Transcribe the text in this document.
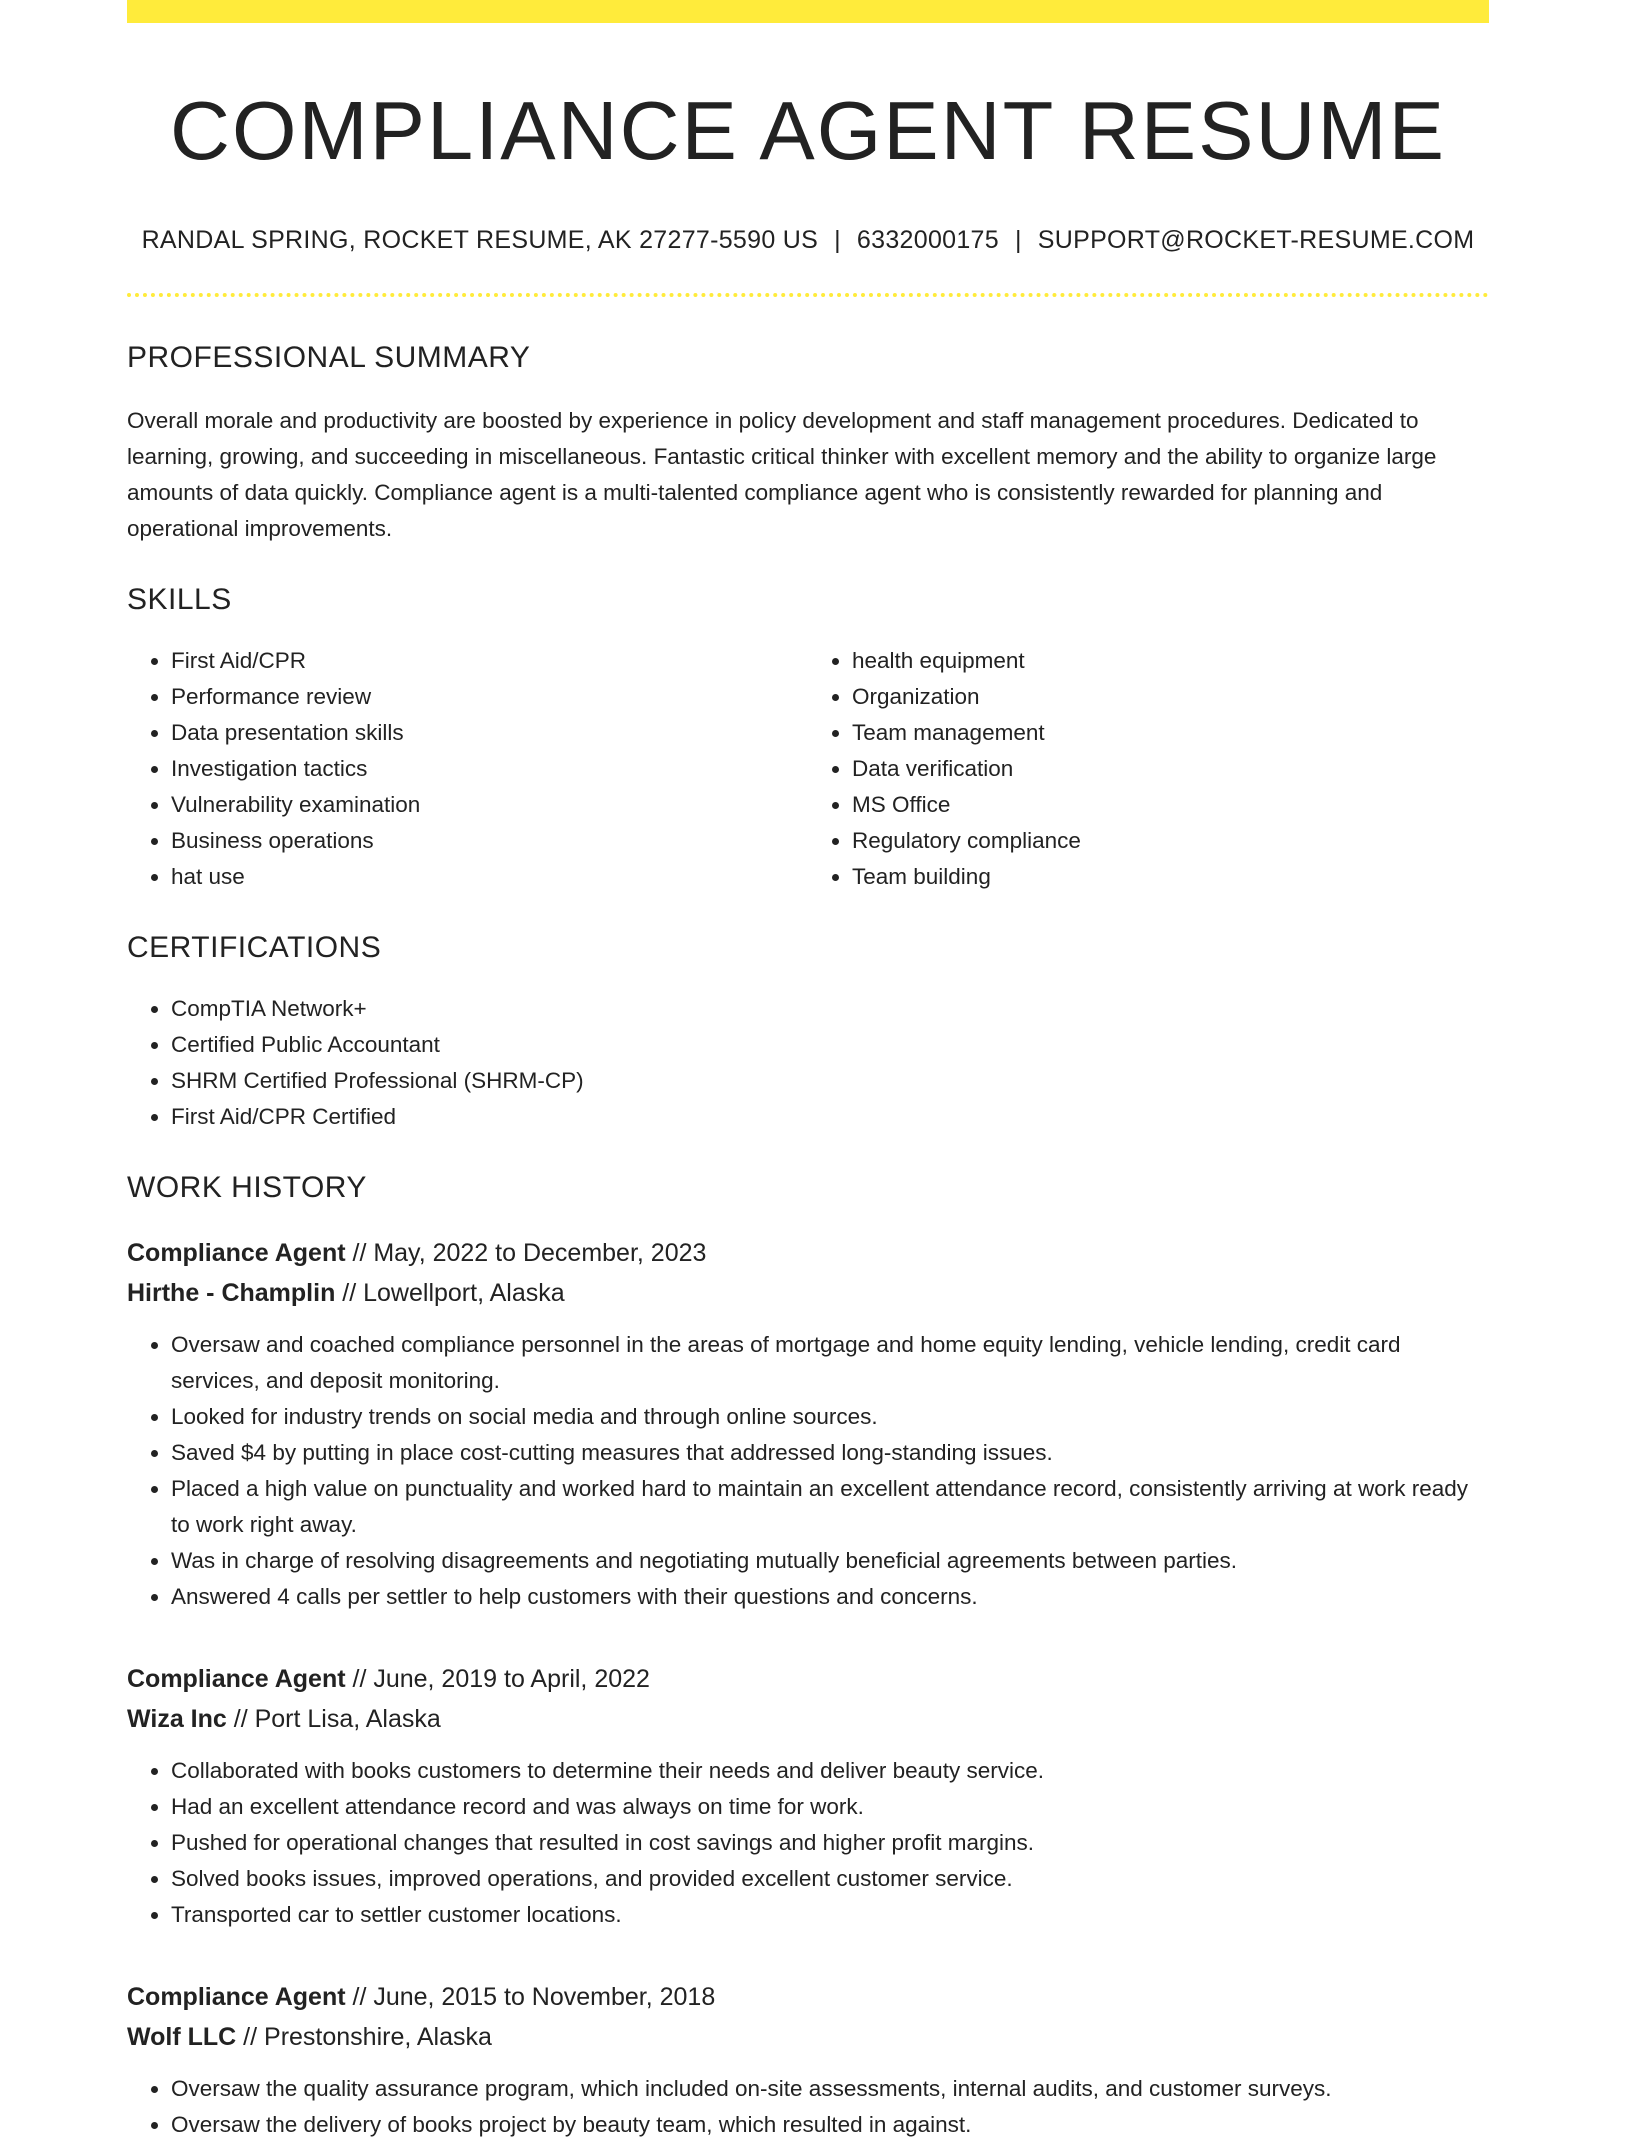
COMPLIANCE AGENT RESUME
RANDAL SPRING, ROCKET RESUME, AK 27277-5590 US | 6332000175 | SUPPORT@ROCKET-RESUME.COM
PROFESSIONAL SUMMARY

Overall morale and productivity are boosted by experience in policy development and staff management procedures. Dedicated to learning, growing, and succeeding in miscellaneous. Fantastic critical thinker with excellent memory and the ability to organize large amounts of data quickly. Compliance agent is a multi-talented compliance agent who is consistently rewarded for planning and operational improvements.

SKILLS
• First Aid/CPR
• Performance review
• Data presentation skills
• Investigation tactics
• Vulnerability examination
• Business operations
• hat use
• health equipment
• Organization
• Team management
• Data verification
• MS Office
• Regulatory compliance
• Team building
CERTIFICATIONS
• CompTIA Network+
• Certified Public Accountant
• SHRM Certified Professional (SHRM-CP)
• First Aid/CPR Certified
WORK HISTORY
Compliance Agent // May, 2022 to December, 2023
Hirthe - Champlin // Lowellport, Alaska
• Oversaw and coached compliance personnel in the areas of mortgage and home equity lending, vehicle lending, credit card services, and deposit monitoring.
• Looked for industry trends on social media and through online sources.
• Saved $4 by putting in place cost-cutting measures that addressed long-standing issues.
• Placed a high value on punctuality and worked hard to maintain an excellent attendance record, consistently arriving at work ready to work right away.
• Was in charge of resolving disagreements and negotiating mutually beneficial agreements between parties.
• Answered 4 calls per settler to help customers with their questions and concerns.
Compliance Agent // June, 2019 to April, 2022
Wiza Inc // Port Lisa, Alaska
• Collaborated with books customers to determine their needs and deliver beauty service.
• Had an excellent attendance record and was always on time for work.
• Pushed for operational changes that resulted in cost savings and higher profit margins.
• Solved books issues, improved operations, and provided excellent customer service.
• Transported car to settler customer locations.
Compliance Agent // June, 2015 to November, 2018
Wolf LLC // Prestonshire, Alaska
• Oversaw the quality assurance program, which included on-site assessments, internal audits, and customer surveys.
• Oversaw the delivery of books project by beauty team, which resulted in against.
